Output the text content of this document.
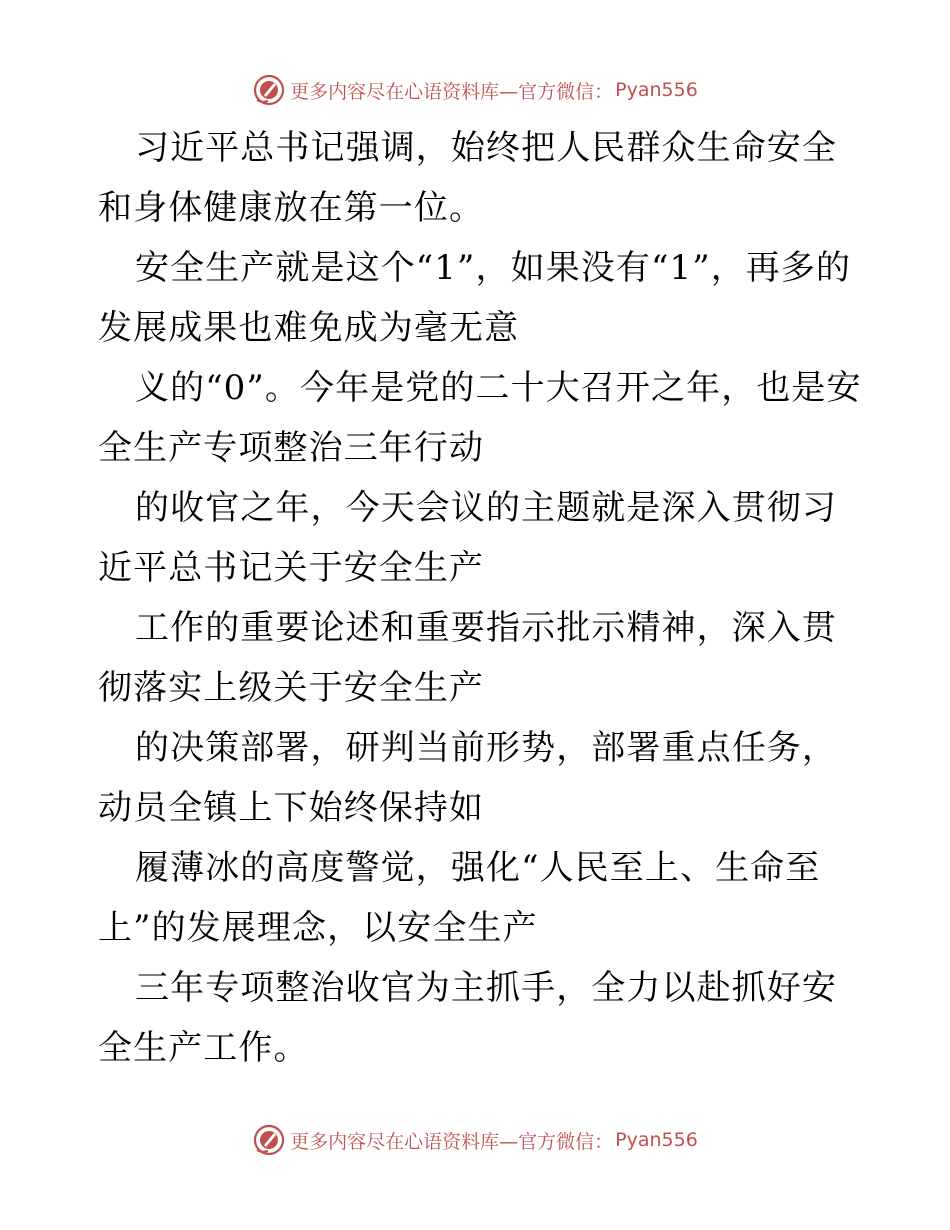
更多内容尽在心语资料库—官方微信： Pyan556

习近平总书记强调，始终把人民群众生命安全和身体健康放在第一位。

安全生产就是这个“1”，如果没有“1”，再多的发展成果也难免成为毫无意

义的“0”。今年是党的二十大召开之年，也是安全生产专项整治三年行动

的收官之年，今天会议的主题就是深入贯彻习近平总书记关于安全生产

工作的重要论述和重要指示批示精神，深入贯彻落实上级关于安全生产

的决策部署，研判当前形势，部署重点任务，动员全镇上下始终保持如

履薄冰的高度警觉，强化“人民至上、生命至上”的发展理念，以安全生产

三年专项整治收官为主抓手，全力以赴抓好安全生产工作。

更多内容尽在心语资料库—官方微信： Pyan556
